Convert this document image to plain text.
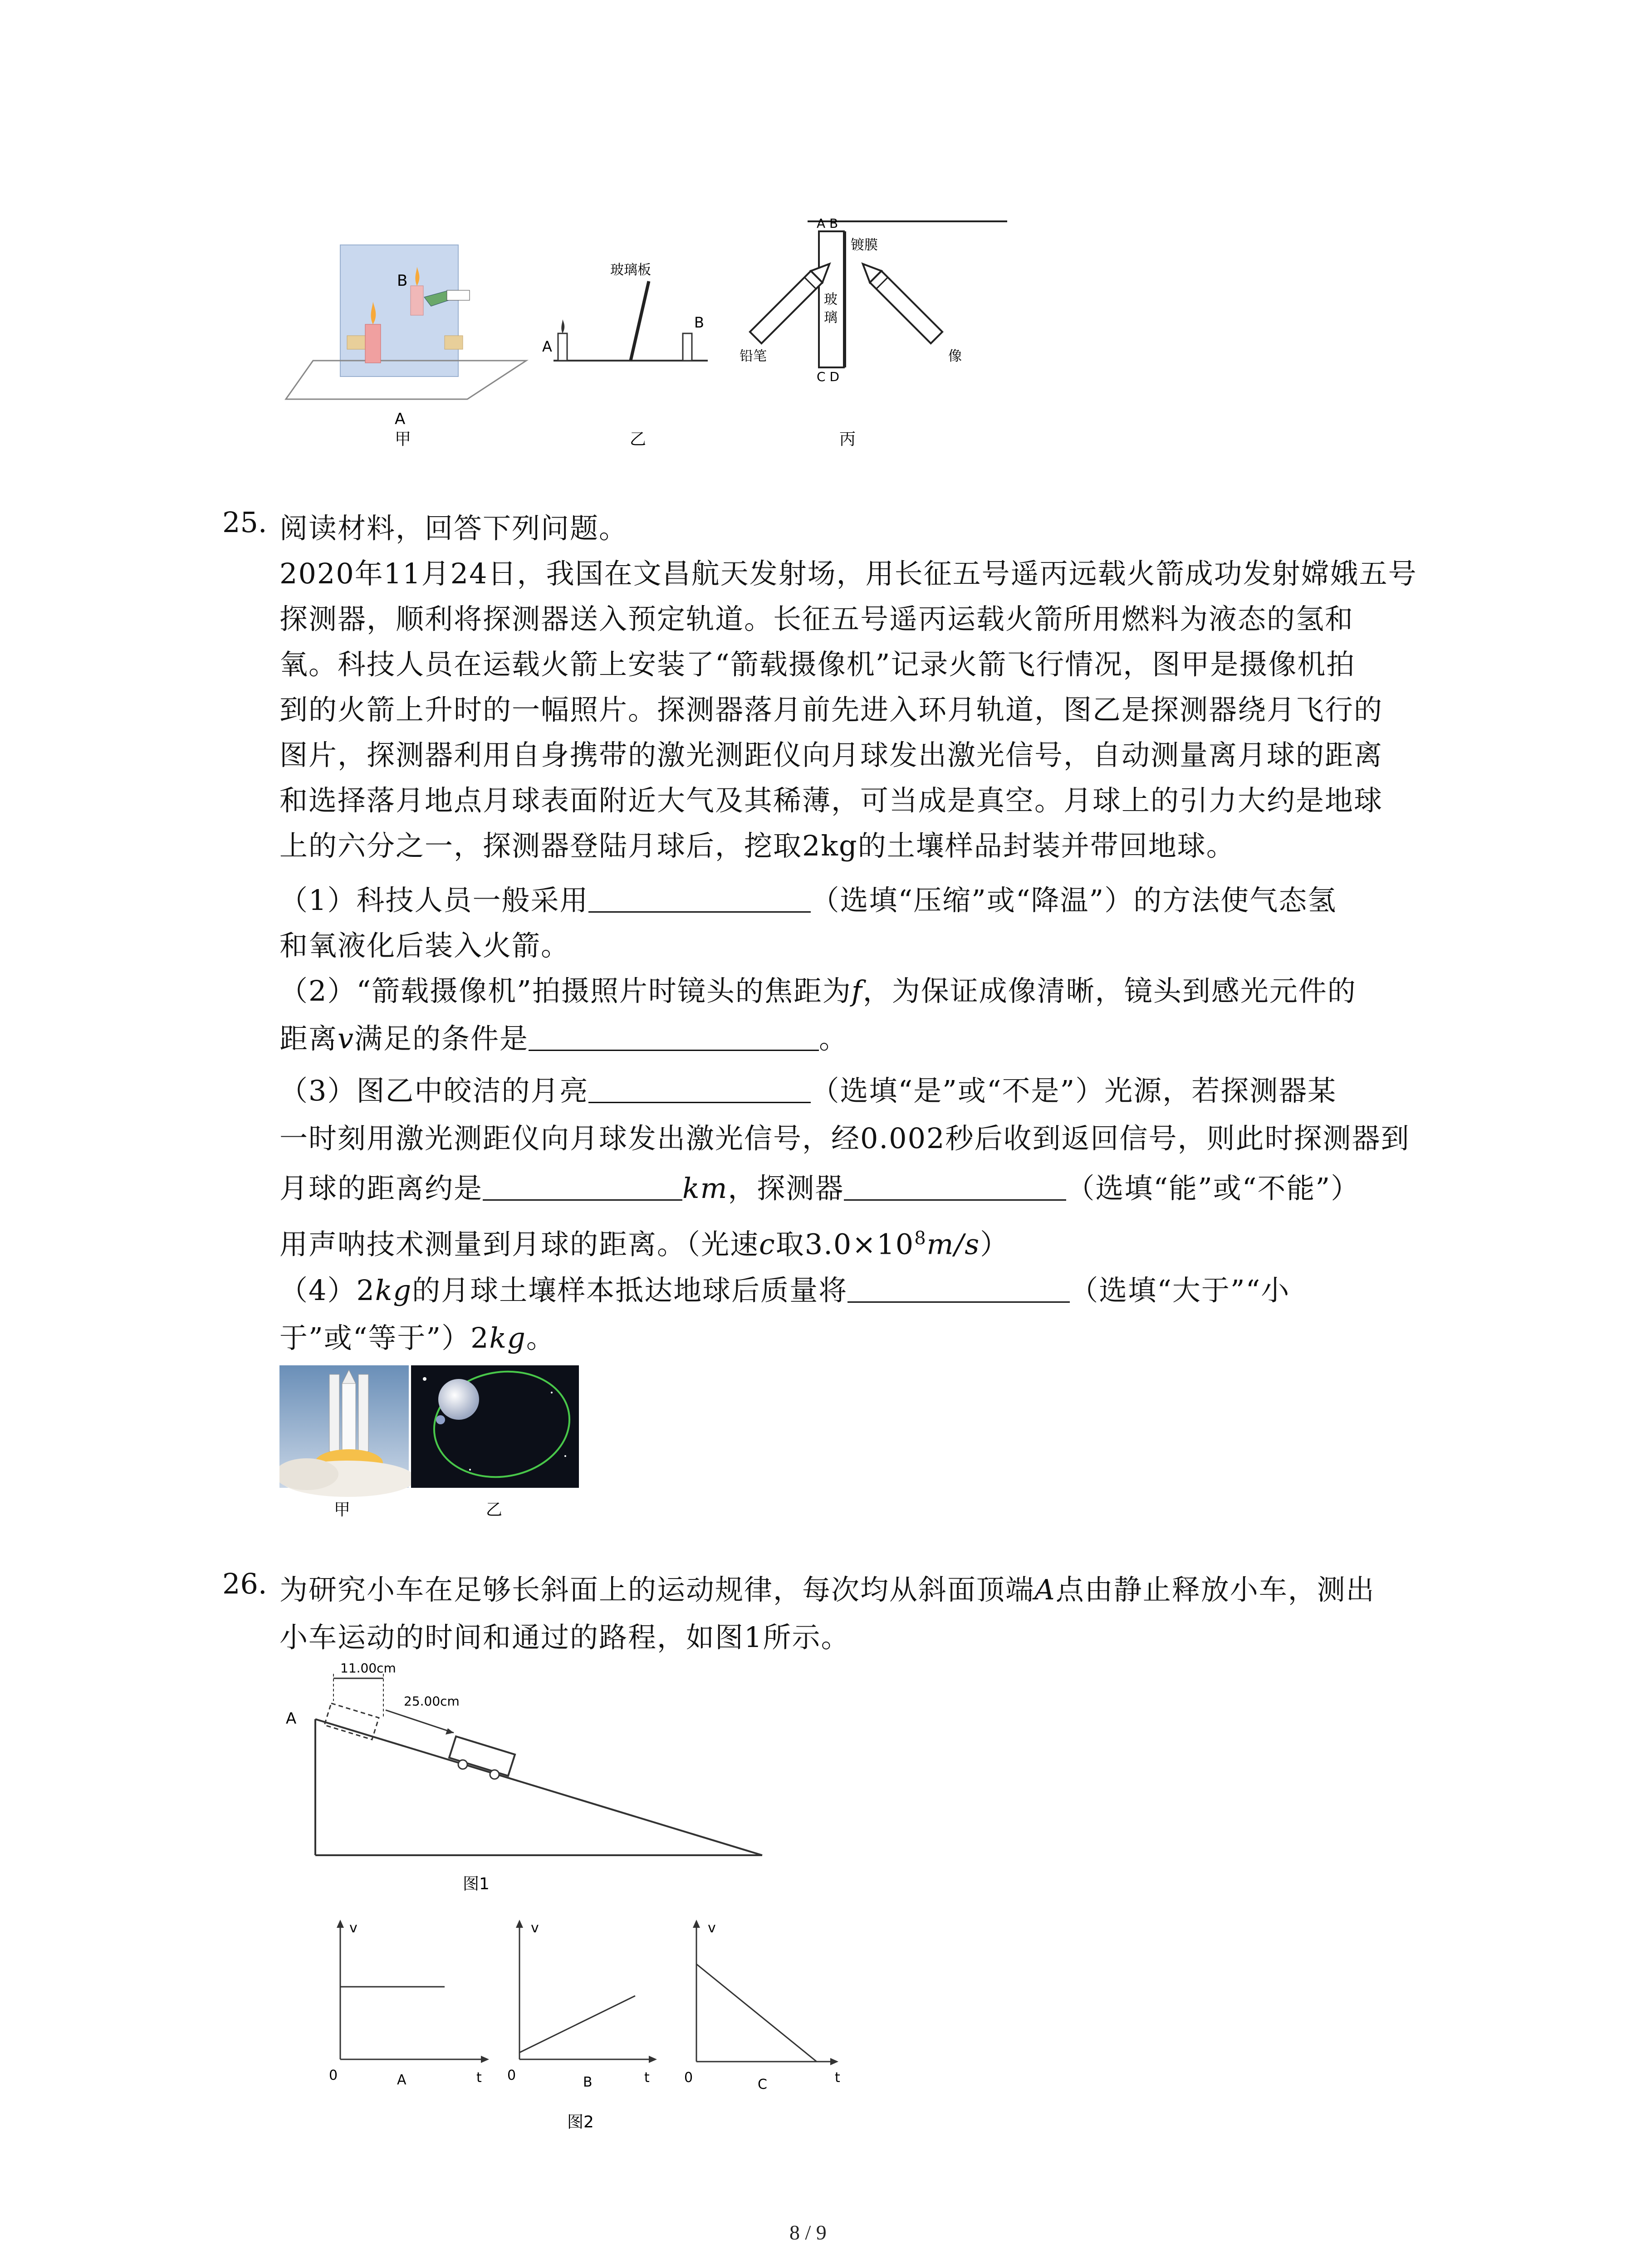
A
B
甲
玻璃板
A
B
乙
A B
镀膜
玻
璃
C D
铅笔	像
丙
25. 阅读材料，回答下列问题。
2020年11月24日，我国在文昌航天发射场，用长征五号遥丙远载火箭成功发射嫦娥五号
探测器，顺利将探测器送入预定轨道。长征五号遥丙运载火箭所用燃料为液态的氢和
氧。科技人员在运载火箭上安装了“箭载摄像机”记录火箭飞行情况，图甲是摄像机拍
到的火箭上升时的一幅照片。探测器落月前先进入环月轨道，图乙是探测器绕月飞行的
图片，探测器利用自身携带的激光测距仪向月球发出激光信号，自动测量离月球的距离
和选择落月地点月球表面附近大气及其稀薄，可当成是真空。月球上的引力大约是地球
上的六分之一，探测器登陆月球后，挖取2kg的土壤样品封装并带回地球。
（1）科技人员一般采用	（选填“压缩”或“降温”）的方法使气态氢
和氧液化后装入火箭。
（2）“箭载摄像机”拍摄照片时镜头的焦距为f，为保证成像清晰，镜头到感光元件的
距离v满足的条件是	。
（3）图乙中皎洁的月亮	（选填“是”或“不是”）光源，若探测器某
一时刻用激光测距仪向月球发出激光信号，经0.002秒后收到返回信号，则此时探测器到
月球的距离约是	km，探测器	（选填“能”或“不能”）
用声呐技术测量到月球的距离。（光速c取$3.0\times 10^8m/s$）
（4）2kg的月球土壤样本抵达地球后质量将	（选填“大于”“小
于”或“等于”）2kg。
甲	乙
26. 为研究小车在足够长斜面上的运动规律，每次均从斜面顶端A点由静止释放小车，测出
小车运动的时间和通过的路程，如图1所示。
11.00cm
25.00cm
A
图1
v
t
0	A
v
t
0	B
v
t
0	C
图2
8 / 9
